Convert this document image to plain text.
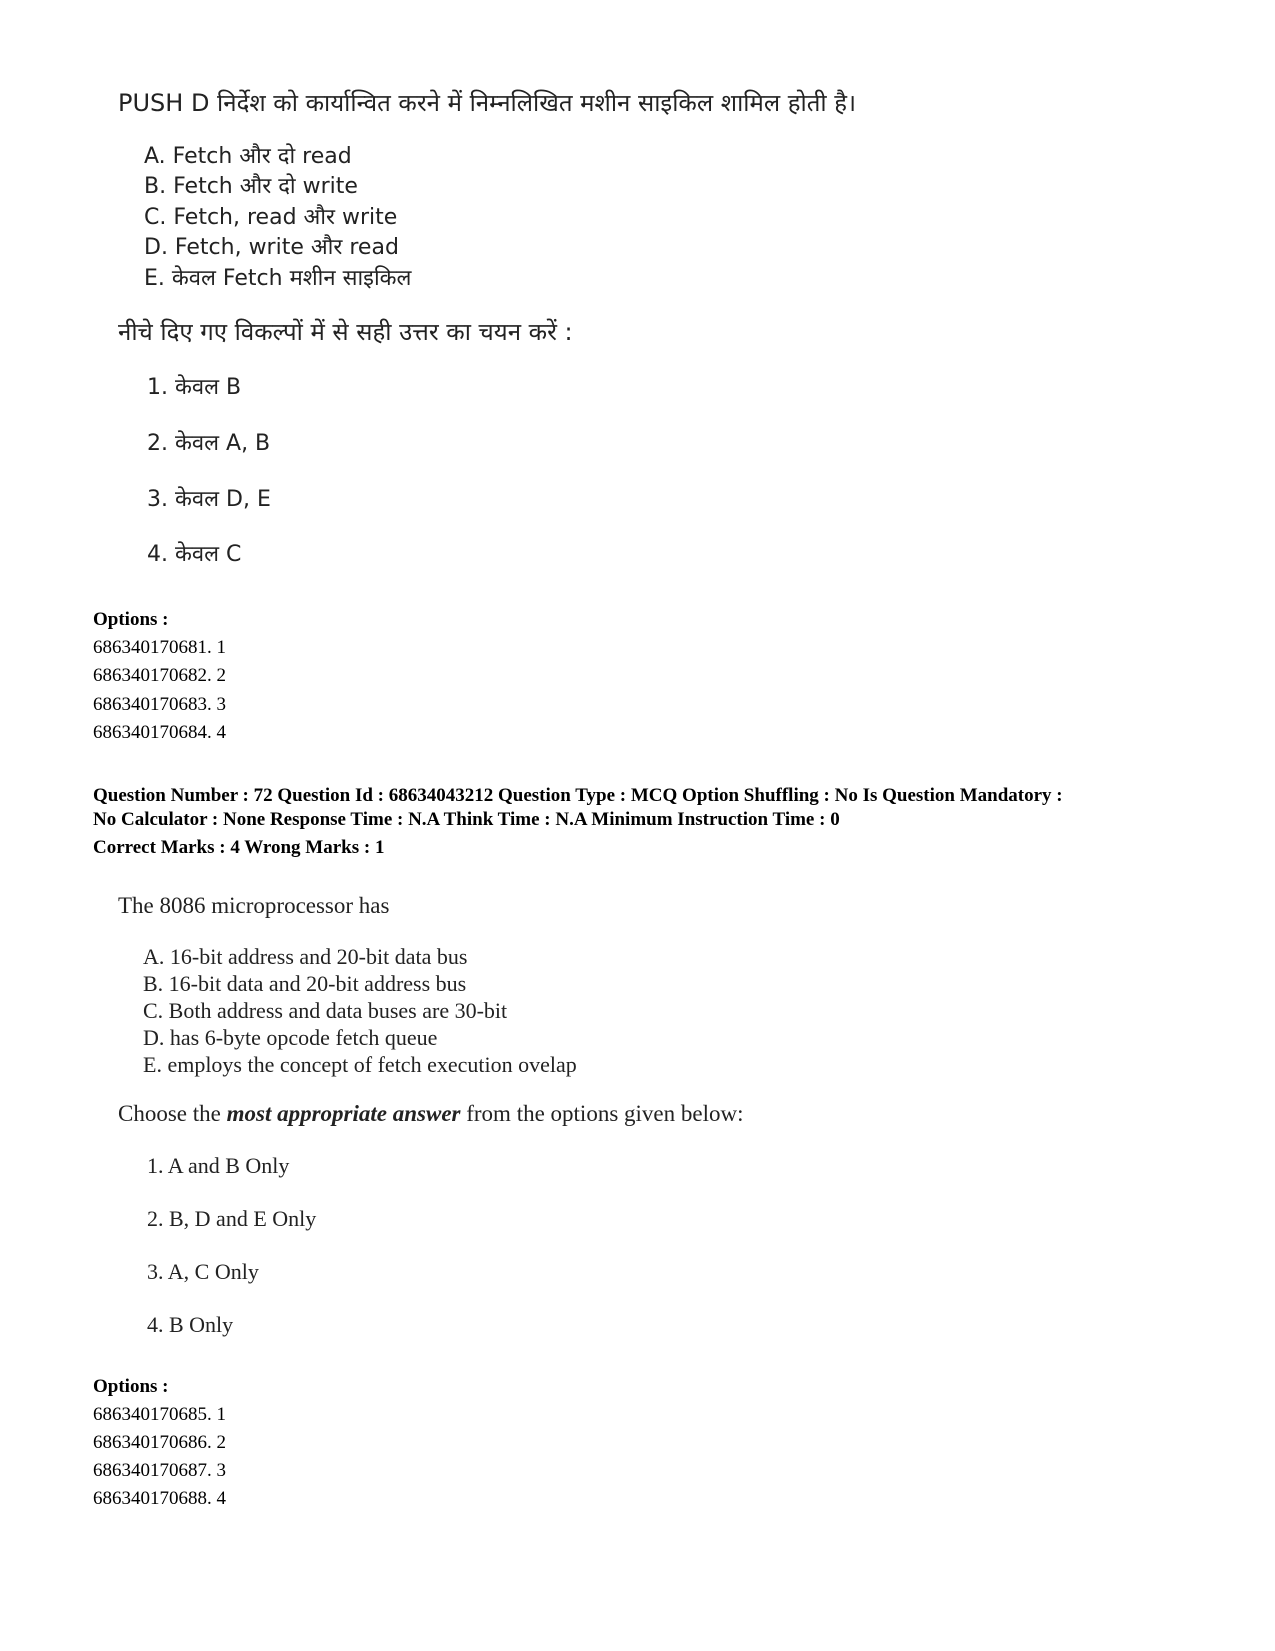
PUSH D निर्देश को कार्यान्वित करने में निम्नलिखित मशीन साइकिल शामिल होती है।
A. Fetch और दो read
B. Fetch और दो write
C. Fetch, read और write
D. Fetch, write और read
E. केवल Fetch मशीन साइकिल
नीचे दिए गए विकल्पों में से सही उत्तर का चयन करें :
1. केवल B
2. केवल A, B
3. केवल D, E
4. केवल C
Options :
686340170681. 1
686340170682. 2
686340170683. 3
686340170684. 4
Question Number : 72 Question Id : 68634043212 Question Type : MCQ Option Shuffling : No Is Question Mandatory :
No Calculator : None Response Time : N.A Think Time : N.A Minimum Instruction Time : 0
Correct Marks : 4 Wrong Marks : 1
The 8086 microprocessor has
A. 16-bit address and 20-bit data bus
B. 16-bit data and 20-bit address bus
C. Both address and data buses are 30-bit
D. has 6-byte opcode fetch queue
E. employs the concept of fetch execution ovelap
Choose the most appropriate answer from the options given below:
1. A and B Only
2. B, D and E Only
3. A, C Only
4. B Only
Options :
686340170685. 1
686340170686. 2
686340170687. 3
686340170688. 4
